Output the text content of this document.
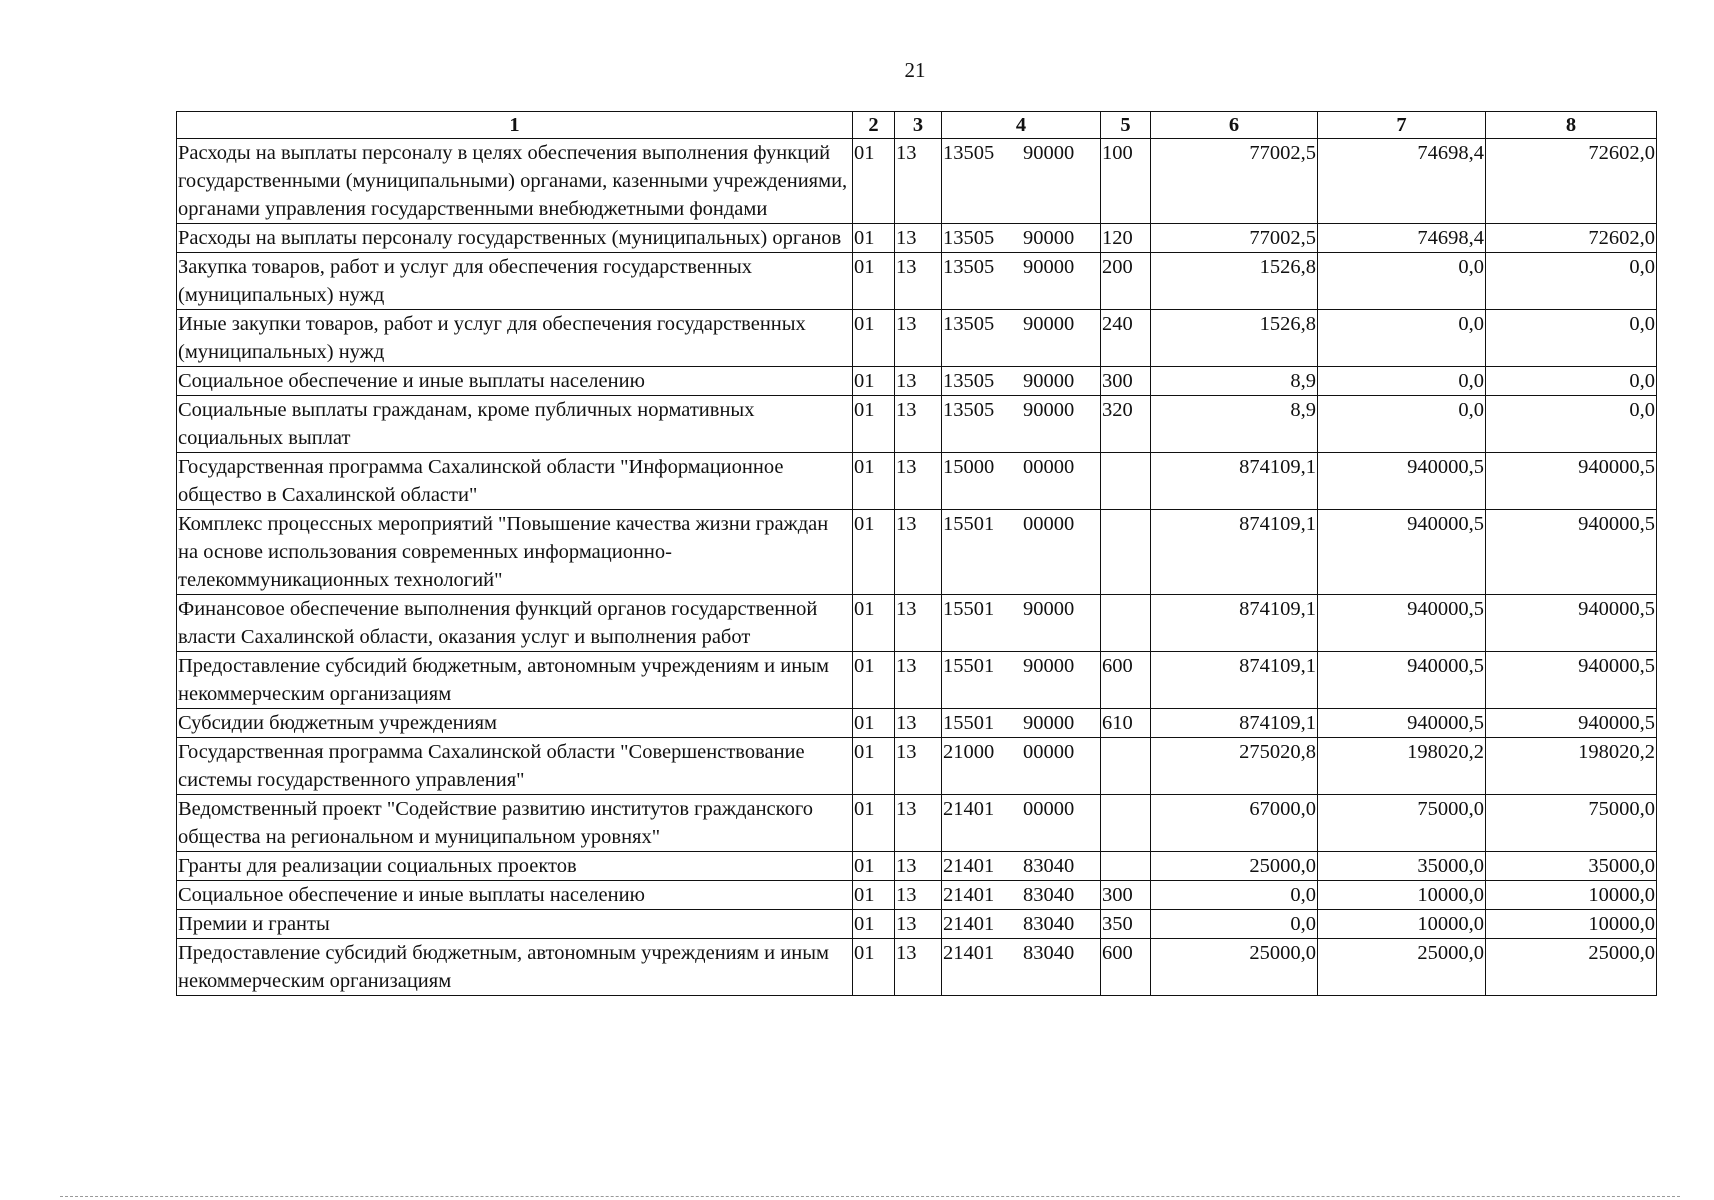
21
1	2	3	4	5	6	7	8
Расходы на выплаты персоналу в целях обеспечения выполнения функций государственными (муниципальными) органами, казенными учреждениями, органами управления государственными внебюджетными фондами	01	13	13505 90000	100	77002,5	74698,4	72602,0
Расходы на выплаты персоналу государственных (муниципальных) органов	01	13	13505 90000	120	77002,5	74698,4	72602,0
Закупка товаров, работ и услуг для обеспечения государственных (муниципальных) нужд	01	13	13505 90000	200	1526,8	0,0	0,0
Иные закупки товаров, работ и услуг для обеспечения государственных (муниципальных) нужд	01	13	13505 90000	240	1526,8	0,0	0,0
Социальное обеспечение и иные выплаты населению	01	13	13505 90000	300	8,9	0,0	0,0
Социальные выплаты гражданам, кроме публичных нормативных социальных выплат	01	13	13505 90000	320	8,9	0,0	0,0
Государственная программа Сахалинской области "Информационное общество в Сахалинской области"	01	13	15000 00000		874109,1	940000,5	940000,5
Комплекс процессных мероприятий "Повышение качества жизни граждан на основе использования современных информационно-телекоммуникационных технологий"	01	13	15501 00000		874109,1	940000,5	940000,5
Финансовое обеспечение выполнения функций органов государственной власти Сахалинской области, оказания услуг и выполнения работ	01	13	15501 90000		874109,1	940000,5	940000,5
Предоставление субсидий бюджетным, автономным учреждениям и иным некоммерческим организациям	01	13	15501 90000	600	874109,1	940000,5	940000,5
Субсидии бюджетным учреждениям	01	13	15501 90000	610	874109,1	940000,5	940000,5
Государственная программа Сахалинской области "Совершенствование системы государственного управления"	01	13	21000 00000		275020,8	198020,2	198020,2
Ведомственный проект "Содействие развитию институтов гражданского общества на региональном и муниципальном уровнях"	01	13	21401 00000		67000,0	75000,0	75000,0
Гранты для реализации социальных проектов	01	13	21401 83040		25000,0	35000,0	35000,0
Социальное обеспечение и иные выплаты населению	01	13	21401 83040	300	0,0	10000,0	10000,0
Премии и гранты	01	13	21401 83040	350	0,0	10000,0	10000,0
Предоставление субсидий бюджетным, автономным учреждениям и иным некоммерческим организациям	01	13	21401 83040	600	25000,0	25000,0	25000,0
